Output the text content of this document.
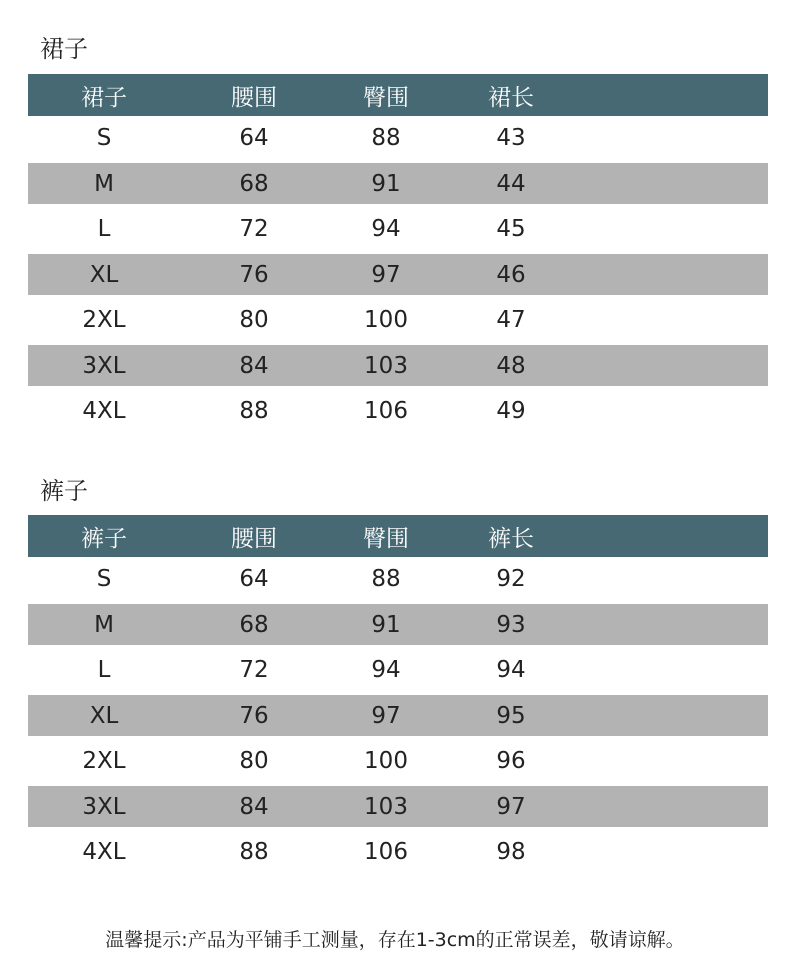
裙子
裙子	腰围	臀围	裙长
S	64	88	43
M	68	91	44
L	72	94	45
XL	76	97	46
2XL	80	100	47
3XL	84	103	48
4XL	88	106	49
裤子
裤子	腰围	臀围	裤长
S	64	88	92
M	68	91	93
L	72	94	94
XL	76	97	95
2XL	80	100	96
3XL	84	103	97
4XL	88	106	98
温馨提示:产品为平铺手工测量，存在1-3cm的正常误差，敬请谅解。
